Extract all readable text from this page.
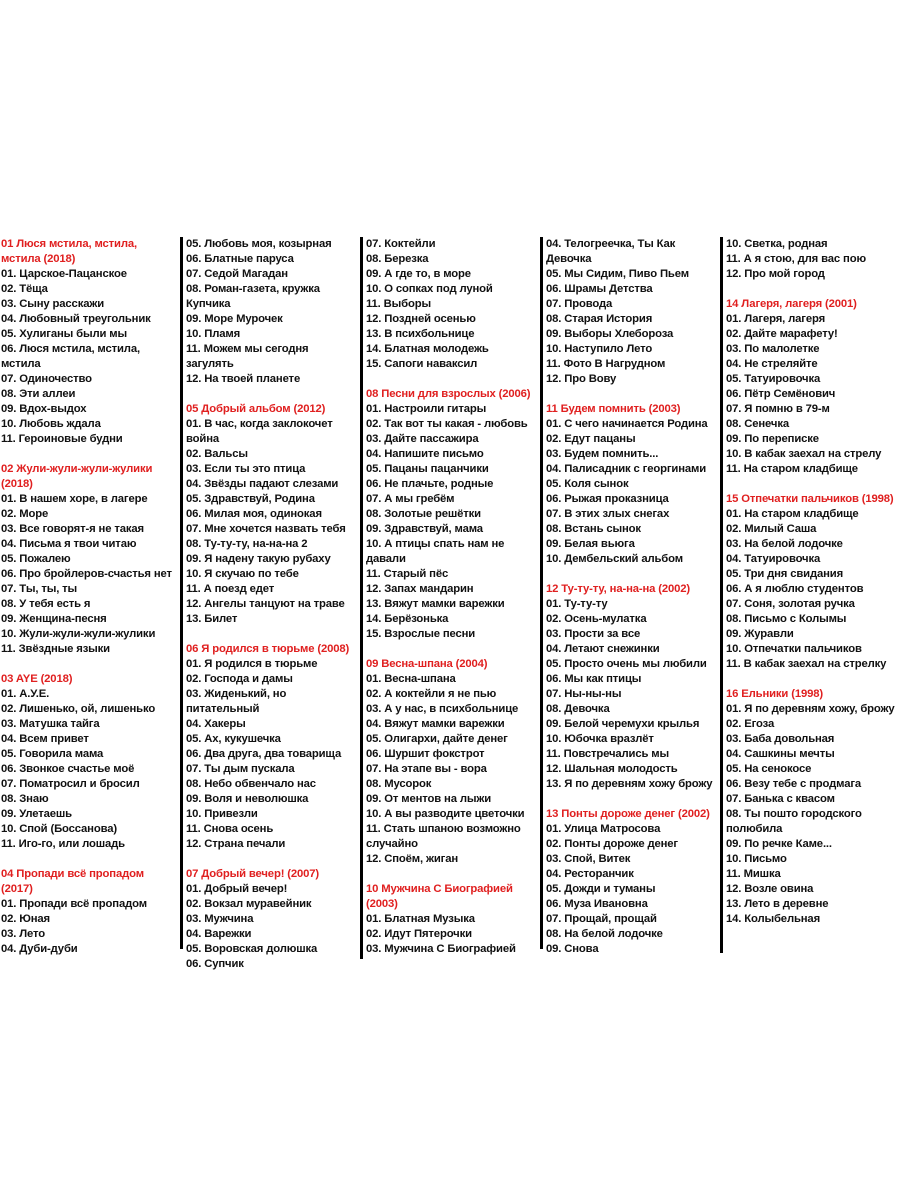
01 Люся мстила, мстила, мстила (2018)
01. Царское-Пацанское
02. Тёща
03. Сыну расскажи
04. Любовный треугольник
05. Хулиганы были мы
06. Люся мстила, мстила, мстила
07. Одиночество
08. Эти аллеи
09. Вдох-выдох
10. Любовь ждала
11. Героиновые будни
02 Жули-жули-жули-жулики (2018)
01. В нашем хоре, в лагере
02. Море
03. Все говорят-я не такая
04. Письма я твои читаю
05. Пожалею
06. Про бройлеров-счастья нет
07. Ты, ты, ты
08. У тебя есть я
09. Женщина-песня
10. Жули-жули-жули-жулики
11. Звёздные языки
03 AYE (2018)
01. А.У.Е.
02. Лишенько, ой, лишенько
03. Матушка тайга
04. Всем привет
05. Говорила мама
06. Звонкое счастье моё
07. Поматросил и бросил
08. Знаю
09. Улетаешь
10. Спой (Боссанова)
11. Иго-го, или лошадь
04 Пропади всё пропадом (2017)
01. Пропади всё пропадом
02. Юная
03. Лето
04. Дуби-дуби
05. Любовь моя, козырная
06. Блатные паруса
07. Седой Магадан
08. Роман-газета, кружка Купчика
09. Море Мурочек
10. Пламя
11. Можем мы сегодня загулять
12. На твоей планете
05 Добрый альбом (2012)
01. В час, когда заклокочет война
02. Вальсы
03. Если ты это птица
04. Звёзды падают слезами
05. Здравствуй, Родина
06. Милая моя, одинокая
07. Мне хочется назвать тебя
08. Ту-ту-ту, на-на-на 2
09. Я надену такую рубаху
10. Я скучаю по тебе
11. А поезд едет
12. Ангелы танцуют на траве
13. Билет
06 Я родился в тюрьме (2008)
01. Я родился в тюрьме
02. Господа и дамы
03. Жиденький, но питательный
04. Хакеры
05. Ах, кукушечка
06. Два друга, два товарища
07. Ты дым пускала
08. Небо обвенчало нас
09. Воля и неволюшка
10. Привезли
11. Снова осень
12. Страна печали
07 Добрый вечер! (2007)
01. Добрый вечер!
02. Вокзал муравейник
03. Мужчина
04. Варежки
05. Воровская долюшка
06. Супчик
07. Коктейли
08. Березка
09. А где то, в море
10. О сопках под луной
11. Выборы
12. Поздней осенью
13. В психбольнице
14. Блатная молодежь
15. Сапоги наваксил
08 Песни для взрослых (2006)
01. Настроили гитары
02. Так вот ты какая - любовь
03. Дайте пассажира
04. Напишите письмо
05. Пацаны пацанчики
06. Не плачьте, родные
07. А мы гребём
08. Золотые решётки
09. Здравствуй, мама
10. А птицы спать нам не давали
11. Старый пёс
12. Запах мандарин
13. Вяжут мамки варежки
14. Берёзонька
15. Взрослые песни
09 Весна-шпана (2004)
01. Весна-шпана
02. А коктейли я не пью
03. А у нас, в психбольнице
04. Вяжут мамки варежки
05. Олигархи, дайте денег
06. Шуршит фокстрот
07. На этапе вы - вора
08. Мусорок
09. От ментов на лыжи
10. А вы разводите цветочки
11. Стать шпаною возможно случайно
12. Споём, жиган
10 Мужчина С Биографией (2003)
01. Блатная Музыка
02. Идут Пятерочки
03. Мужчина С Биографией
04. Телогреечка, Ты Как Девочка
05. Мы Сидим, Пиво Пьем
06. Шрамы Детства
07. Провода
08. Старая История
09. Выборы Хлебороза
10. Наступило Лето
11. Фото В Нагрудном
12. Про Вову
11 Будем помнить (2003)
01. С чего начинается Родина
02. Едут пацаны
03. Будем помнить...
04. Палисадник с георгинами
05. Коля сынок
06. Рыжая проказница
07. В этих злых снегах
08. Встань сынок
09. Белая вьюга
10. Дембельский альбом
12 Ту-ту-ту, на-на-на (2002)
01. Ту-ту-ту
02. Осень-мулатка
03. Прости за все
04. Летают снежинки
05. Просто очень мы любили
06. Мы как птицы
07. Ны-ны-ны
08. Девочка
09. Белой черемухи крылья
10. Юбочка вразлёт
11. Повстречались мы
12. Шальная молодость
13. Я по деревням хожу брожу
13 Понты дороже денег (2002)
01. Улица Матросова
02. Понты дороже денег
03. Спой, Витек
04. Ресторанчик
05. Дожди и туманы
06. Муза Ивановна
07. Прощай, прощай
08. На белой лодочке
09. Снова
10. Светка, родная
11. А я стою, для вас пою
12. Про мой город
14 Лагеря, лагеря (2001)
01. Лагеря, лагеря
02. Дайте марафету!
03. По малолетке
04. Не стреляйте
05. Татуировочка
06. Пётр Семёнович
07. Я помню в 79-м
08. Сенечка
09. По переписке
10. В кабак заехал на стрелу
11. На старом кладбище
15 Отпечатки пальчиков (1998)
01. На старом кладбище
02. Милый Саша
03. На белой лодочке
04. Татуировочка
05. Три дня свидания
06. А я люблю студентов
07. Соня, золотая ручка
08. Письмо с Колымы
09. Журавли
10. Отпечатки пальчиков
11. В кабак заехал на стрелку
16 Ельники (1998)
01. Я по деревням хожу, брожу
02. Егоза
03. Баба довольная
04. Сашкины мечты
05. На сенокосе
06. Везу тебе с продмага
07. Банька с квасом
08. Ты пошто городского полюбила
09. По речке Каме...
10. Письмо
11. Мишка
12. Возле овина
13. Лето в деревне
14. Колыбельная
